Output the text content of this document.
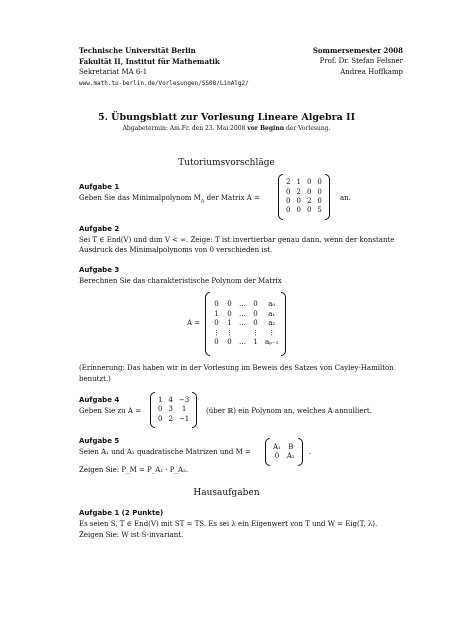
Technische Universität Berlin
Fakultät II, Institut für Mathematik
Sekretariat MA 6-1
www.math.tu-berlin.de/Vorlesungen/SS08/LinAlg2/
Sommersemester 2008
Prof. Dr. Stefan Felsner
Andrea Hoffkamp
5. Übungsblatt zur Vorlesung Lineare Algebra II
Abgabetermin: Am Fr. den 23. Mai 2008 vor Beginn der Vorlesung.
Tutoriumsvorschläge
Aufgabe 1
Geben Sie das Minimalpolynom $M_A$ der Matrix A =
2	1	0	0
0	2	0	0
0	0	2	0
0	0	0	5
an.
Aufgabe 2
Sei T ∈ End(V) und dim V < ∞. Zeige: T ist invertierbar genau dann, wenn der konstante
Ausdruck des Minimalpolynoms von 0 verschieden ist.
Aufgabe 3
Berechnen Sie das charakteristische Polynom der Matrix
A =
0	0	…	0	a₀
1	0	…	0	a₁
0	1	…	0	a₂
⋮	⋮		⋮	⋮
0	0	…	1	aₚ₋₁
(Erinnerung: Das haben wir in der Vorlesung im Beweis des Satzes von Cayley-Hamilton
benutzt.)
Aufgabe 4
Geben Sie zu A =
1	4	−3
0	3	1
0	2	−1
(über ℝ) ein Polynom an, welches A annulliert.
Aufgabe 5
Seien A₁ und A₂ quadratische Matrizen und M =
A₁	B
0	A₂ .
Zeigen Sie: P_M = P_A₁ · P_A₂.
Hausaufgaben
Aufgabe 1 (2 Punkte)
Es seien S, T ∈ End(V) mit ST = TS. Es sei λ ein Eigenwert von T und W = Eig(T, λ).
Zeigen Sie: W ist S-invariant.
